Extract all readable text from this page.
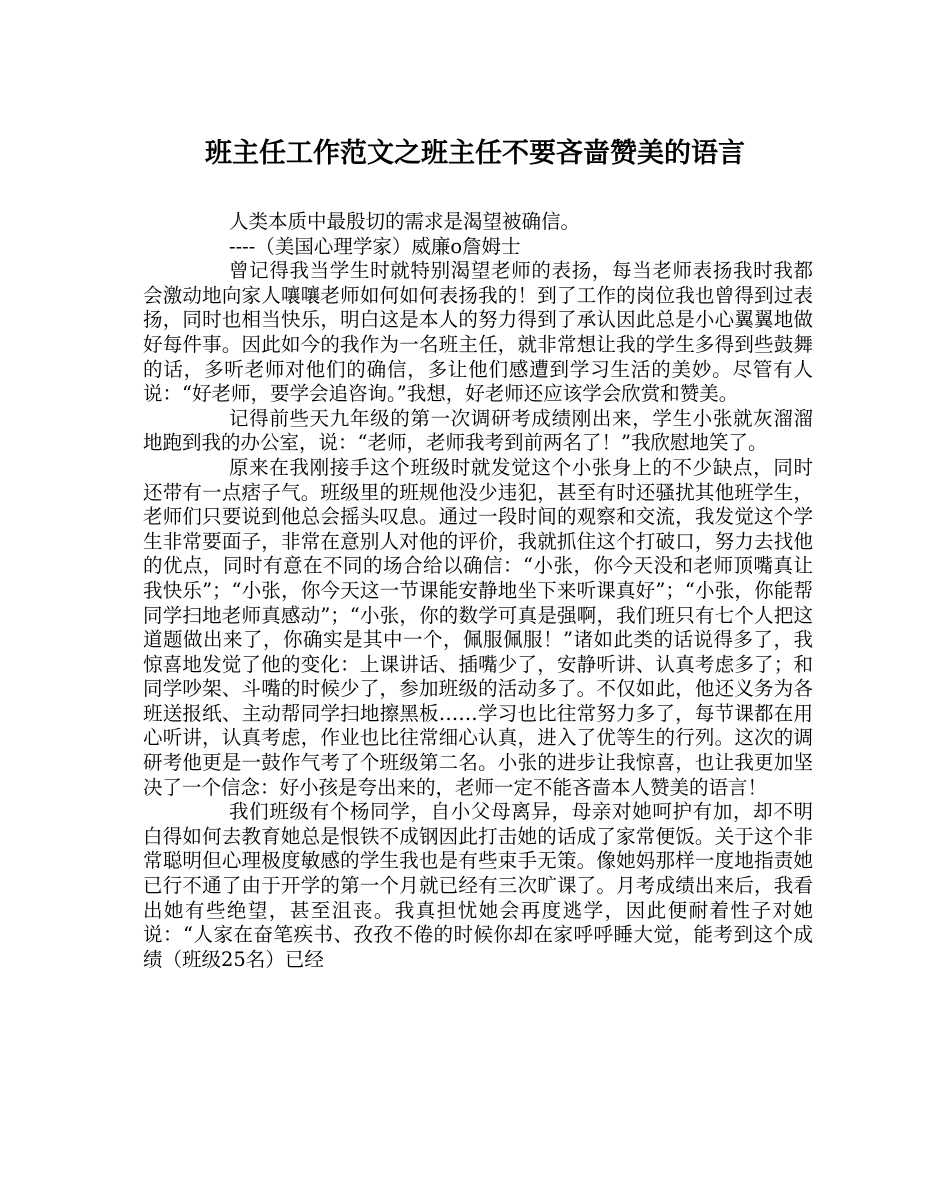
班主任工作范文之班主任不要吝啬赞美的语言

人类本质中最殷切的需求是渴望被确信。

----（美国心理学家）威廉o詹姆士

曾记得我当学生时就特别渴望老师的表扬，每当老师表扬我时我都会激动地向家人嚷嚷老师如何如何表扬我的！到了工作的岗位我也曾得到过表扬，同时也相当快乐，明白这是本人的努力得到了承认因此总是小心翼翼地做好每件事。因此如今的我作为一名班主任，就非常想让我的学生多得到些鼓舞的话，多听老师对他们的确信，多让他们感遭到学习生活的美妙。尽管有人说：“好老师，要学会追咨询。”我想，好老师还应该学会欣赏和赞美。

记得前些天九年级的第一次调研考成绩刚出来，学生小张就灰溜溜地跑到我的办公室，说：“老师，老师我考到前两名了！”我欣慰地笑了。

原来在我刚接手这个班级时就发觉这个小张身上的不少缺点，同时还带有一点痞子气。班级里的班规他没少违犯，甚至有时还骚扰其他班学生，老师们只要说到他总会摇头叹息。通过一段时间的观察和交流，我发觉这个学生非常要面子，非常在意别人对他的评价，我就抓住这个打破口，努力去找他的优点，同时有意在不同的场合给以确信：“小张，你今天没和老师顶嘴真让我快乐”；“小张，你今天这一节课能安静地坐下来听课真好”；“小张，你能帮同学扫地老师真感动”；“小张，你的数学可真是强啊，我们班只有七个人把这道题做出来了，你确实是其中一个，佩服佩服！”诸如此类的话说得多了，我惊喜地发觉了他的变化：上课讲话、插嘴少了，安静听讲、认真考虑多了；和同学吵架、斗嘴的时候少了，参加班级的活动多了。不仅如此，他还义务为各班送报纸、主动帮同学扫地擦黑板……学习也比往常努力多了，每节课都在用心听讲，认真考虑，作业也比往常细心认真，进入了优等生的行列。这次的调研考他更是一鼓作气考了个班级第二名。小张的进步让我惊喜，也让我更加坚决了一个信念：好小孩是夸出来的，老师一定不能吝啬本人赞美的语言！

我们班级有个杨同学，自小父母离异，母亲对她呵护有加，却不明白得如何去教育她总是恨铁不成钢因此打击她的话成了家常便饭。关于这个非常聪明但心理极度敏感的学生我也是有些束手无策。像她妈那样一度地指责她已行不通了由于开学的第一个月就已经有三次旷课了。月考成绩出来后，我看出她有些绝望，甚至沮丧。我真担忧她会再度逃学，因此便耐着性子对她说：“人家在奋笔疾书、孜孜不倦的时候你却在家呼呼睡大觉，能考到这个成绩（班级25名）已经
